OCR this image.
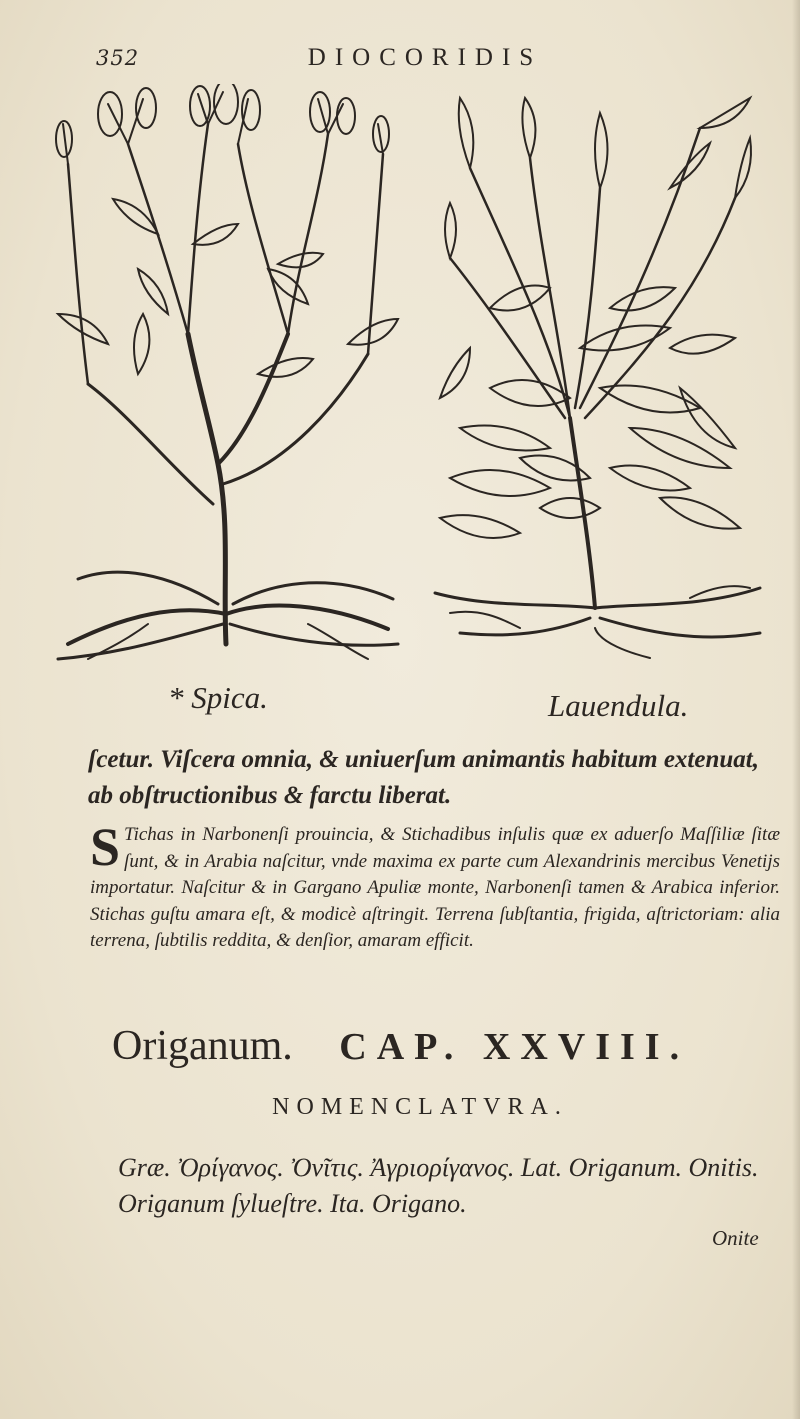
352	DIOCORIDIS
* Spica.	Lauendula.
ſcetur. Viſcera omnia, & uniuerſum animantis habitum extenuat, ab obſtructionibus & farctu liberat.
S Tichas in Narbonenſi prouincia, & Stichadibus inſulis quæ ex aduerſo Maſſiliæ ſitæ ſunt, & in Arabia naſcitur, vnde maxima ex parte cum Alexandrinis mercibus Venetijs importatur. Naſcitur & in Gargano Apuliæ monte, Narbonenſi tamen & Arabica inferior. Stichas guſtu amara eſt, & modicè aſtringit. Terrena ſubſtantia, frigida, aſtrictoriam: alia terrena, ſubtilis reddita, & denſior, amaram efficit.
Origanum. CAP. XXVIII.
NOMENCLATVRA.
Græ. Ὀρίγανος. Ὀνῖτις. Ἀγριορίγανος. Lat. Origanum. Onitis. Origanum ſylueſtre. Ita. Origano.
Onite
